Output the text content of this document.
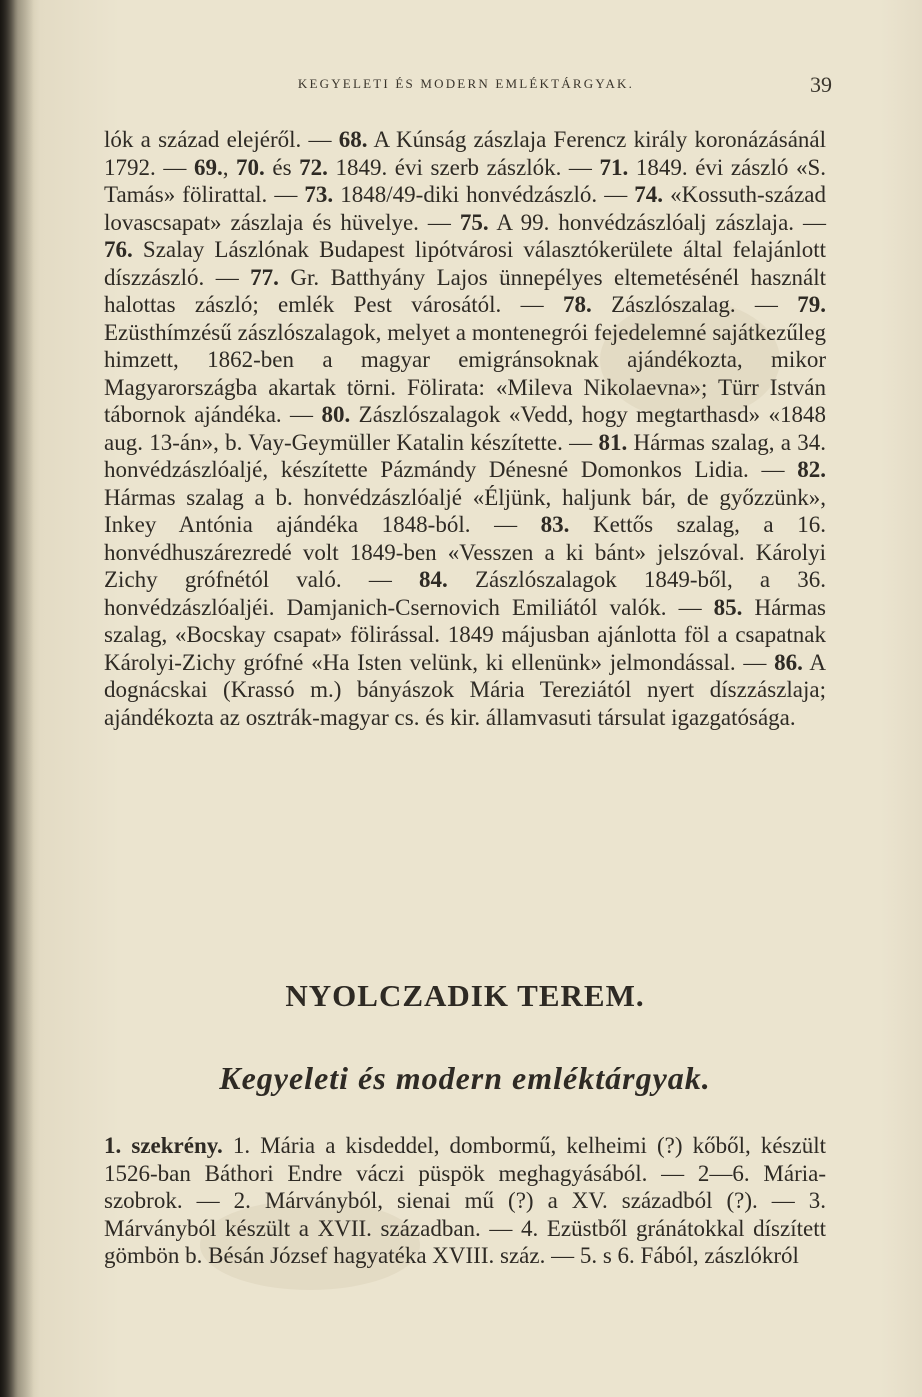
KEGYELETI ÉS MODERN EMLÉKTÁRGYAK.	39

lók a század elejéről. — 68. A Kúnság zászlaja Ferencz király koronázásánál 1792. — 69., 70. és 72. 1849. évi szerb zászlók. — 71. 1849. évi zászló «S. Tamás» fölirattal. — 73. 1848/49-diki honvédzászló. — 74. «Kossuth-század lovascsapat» zászlaja és hüvelye. — 75. A 99. honvédzászlóalj zászlaja. — 76. Szalay Lászlónak Budapest lipótvárosi választókerülete által felajánlott díszzászló. — 77. Gr. Batthyány Lajos ünnepélyes eltemetésénél használt halottas zászló; emlék Pest városától. — 78. Zászlószalag. — 79. Ezüsthímzésű zászlószalagok, melyet a montenegrói fejedelemné sajátkezűleg himzett, 1862-ben a magyar emigránsoknak ajándékozta, mikor Magyarországba akartak törni. Fölirata: «Mileva Nikolaevna»; Türr István tábornok ajándéka. — 80. Zászlószalagok «Vedd, hogy megtarthasd» «1848 aug. 13-án», b. Vay-Geymüller Katalin készítette. — 81. Hármas szalag, a 34. honvédzászlóaljé, készítette Pázmándy Dénesné Domonkos Lidia. — 82. Hármas szalag a b. honvédzászlóaljé «Éljünk, haljunk bár, de győzzünk», Inkey Antónia ajándéka 1848-ból. — 83. Kettős szalag, a 16. honvédhuszárezredé volt 1849-ben «Vesszen a ki bánt» jelszóval. Károlyi Zichy grófnétól való. — 84. Zászlószalagok 1849-ből, a 36. honvédzászlóaljéi. Damjanich-Csernovich Emiliától valók. — 85. Hármas szalag, «Bocskay csapat» fölirással. 1849 májusban ajánlotta föl a csapatnak Károlyi-Zichy grófné «Ha Isten velünk, ki ellenünk» jelmondással. — 86. A dognácskai (Krassó m.) bányászok Mária Tereziától nyert díszzászlaja; ajándékozta az osztrák-magyar cs. és kir. államvasuti társulat igazgatósága.

NYOLCZADIK TEREM.
Kegyeleti és modern emléktárgyak.

1. szekrény. 1. Mária a kisdeddel, dombormű, kelheimi (?) kőből, készült 1526-ban Báthori Endre váczi püspök meghagyásából. — 2—6. Mária-szobrok. — 2. Márványból, sienai mű (?) a XV. századból (?). — 3. Márványból készült a XVII. században. — 4. Ezüstből gránátokkal díszített gömbön b. Bésán József hagyatéka XVIII. száz. — 5. s 6. Fából, zászlókról
